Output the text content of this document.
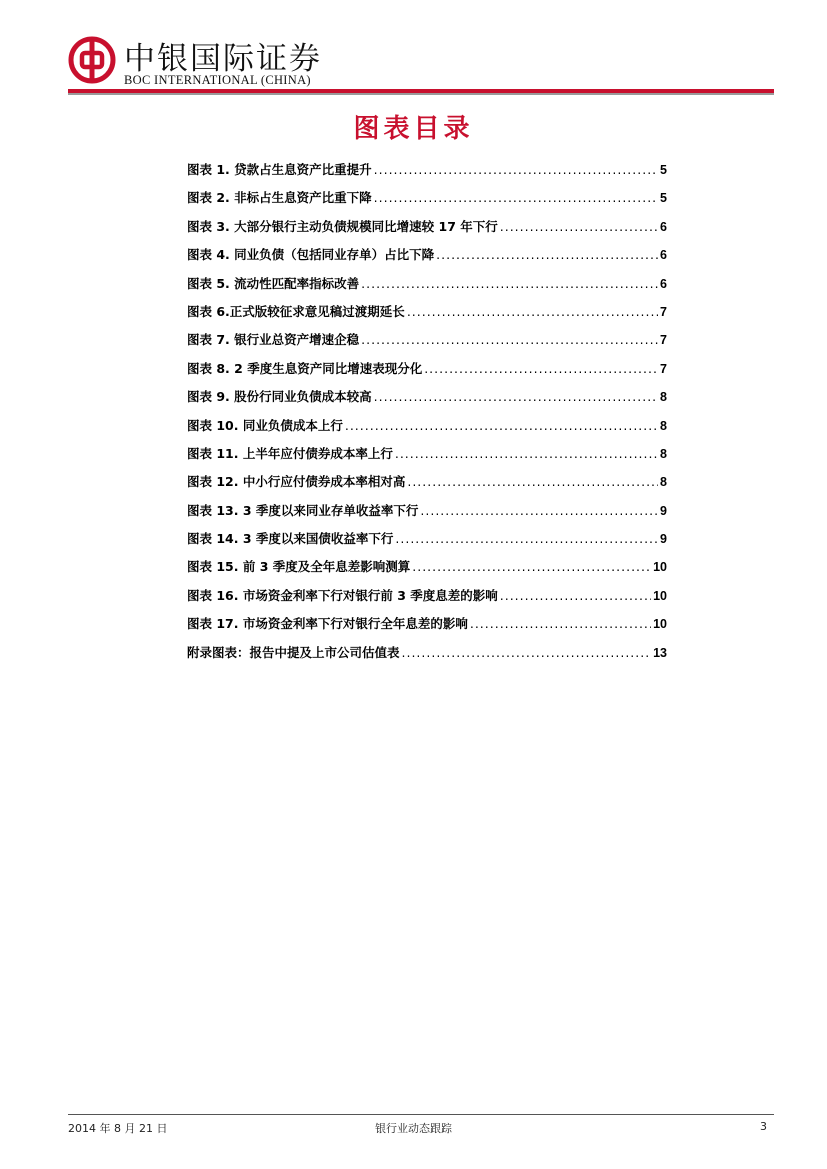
中银国际证券
BOC INTERNATIONAL (CHINA)
图表目录
图表 1. 贷款占生息资产比重提升 .....	5
图表 2. 非标占生息资产比重下降 .....	5
图表 3. 大部分银行主动负债规模同比增速较 17 年下行 .....	6
图表 4. 同业负债（包括同业存单）占比下降 .....	6
图表 5. 流动性匹配率指标改善 .....	6
图表 6.正式版较征求意见稿过渡期延长 .....	7
图表 7. 银行业总资产增速企稳 .....	7
图表 8. 2 季度生息资产同比增速表现分化 .....	7
图表 9. 股份行同业负债成本较高 .....	8
图表 10. 同业负债成本上行 .....	8
图表 11. 上半年应付债券成本率上行 .....	8
图表 12. 中小行应付债券成本率相对高 .....	8
图表 13. 3 季度以来同业存单收益率下行 .....	9
图表 14. 3 季度以来国债收益率下行 .....	9
图表 15. 前 3 季度及全年息差影响测算 .....	10
图表 16. 市场资金利率下行对银行前 3 季度息差的影响 .....	10
图表 17. 市场资金利率下行对银行全年息差的影响 .....	10
附录图表：报告中提及上市公司估值表 .....	13
2014 年 8 月 21 日	银行业动态跟踪	3
